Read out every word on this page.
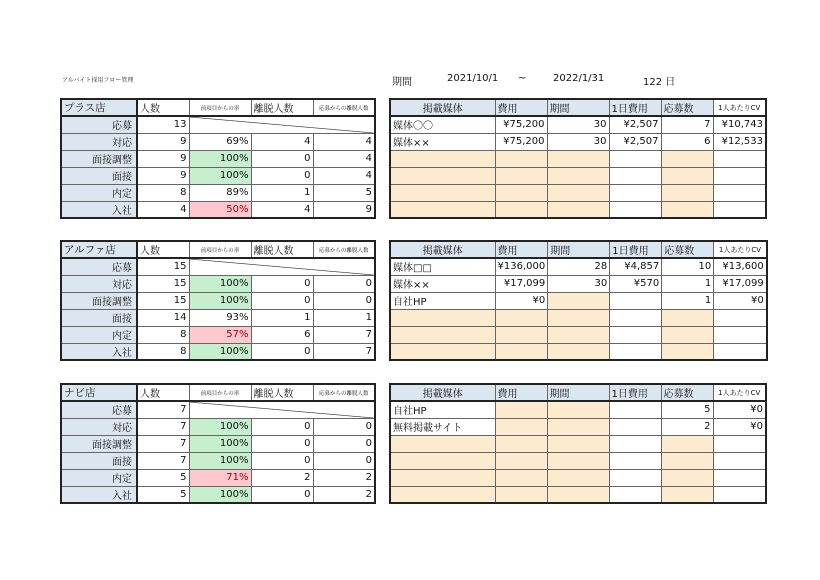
アルバイト採用フロー管理	期間	2021/10/1 ~	2022/1/31	122 日
プラス店	人数	前項目からの率	離脱人数	応募からの離脱人数
応募	13			
対応	9	69%	4	4
面接調整	9	100%	0	4
面接	9	100%	0	4
内定	8	89%	1	5
入社	4	50%	4	9
掲載媒体	費用	期間	1日費用	応募数	1人あたりCV
媒体〇〇	¥75,200	30	¥2,507	7	¥10,743
媒体××	¥75,200	30	¥2,507	6	¥12,533

アルファ店	人数	前項目からの率	離脱人数	応募からの離脱人数
応募	15			
対応	15	100%	0	0
面接調整	15	100%	0	0
面接	14	93%	1	1
内定	8	57%	6	7
入社	8	100%	0	7
掲載媒体	費用	期間	1日費用	応募数	1人あたりCV
媒体□□	¥136,000	28	¥4,857	10	¥13,600
媒体××	¥17,099	30	¥570	1	¥17,099
自社HP	¥0			1	¥0

ナビ店	人数	前項目からの率	離脱人数	応募からの離脱人数
応募	7			
対応	7	100%	0	0
面接調整	7	100%	0	0
面接	7	100%	0	0
内定	5	71%	2	2
入社	5	100%	0	2
掲載媒体	費用	期間	1日費用	応募数	1人あたりCV
自社HP				5	¥0
無料掲載サイト				2	¥0
